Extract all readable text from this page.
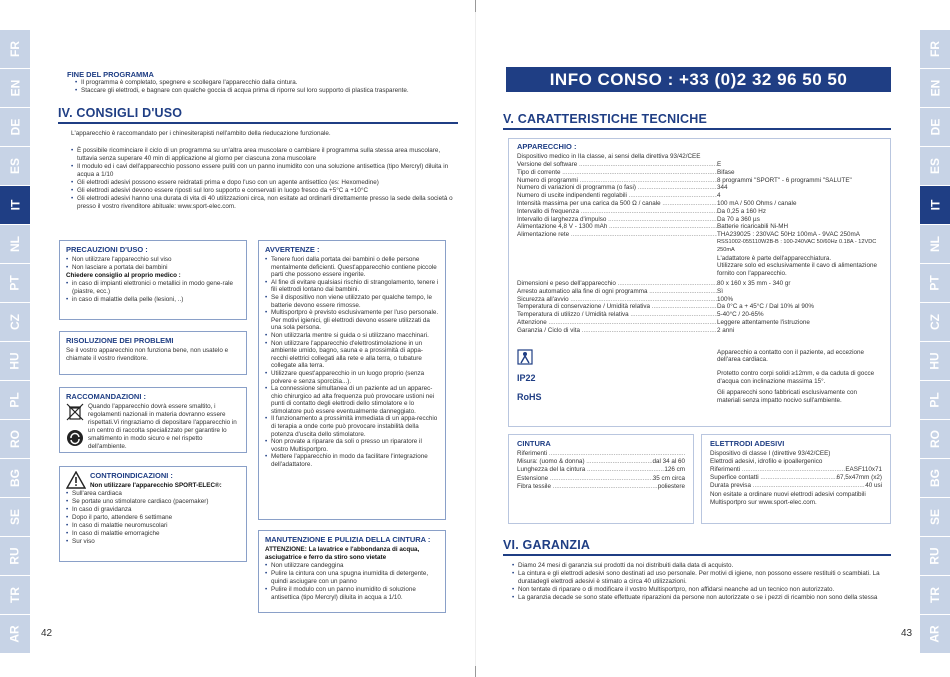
FR
EN
DE
ES
IT
NL
PT
CZ
HU
PL
RO
BG
SE
RU
TR
AR
FR
EN
DE
ES
IT
NL
PT
CZ
HU
PL
RO
BG
SE
RU
TR
AR
42	43
FINE DEL PROGRAMMA
• Il programma è completato, spegnere e scollegare l'apparecchio dalla cintura.
• Staccare gli elettrodi, e bagnare con qualche goccia di acqua prima di riporre sul loro supporto di plastica trasparente.
IV. CONSIGLI D'USO
L'apparecchio è raccomandato per i chinesiterapisti nell'ambito della rieducazione funzionale.
• È possibile ricominciare il ciclo di un programma su un'altra area muscolare o cambiare il programma sulla stessa area muscolare, tuttavia senza superare 40 min di applicazione al giorno per ciascuna zona muscolare
• Il modulo ed i cavi dell'apparecchio possono essere puliti con un panno inumidito con una soluzione antisettica (tipo Mercryl) diluita in acqua a 1/10
• Gli elettrodi adesivi possono essere reidratati prima e dopo l'uso con un agente antisettico (es: Hexomedine)
• Gli elettrodi adesivi devono essere riposti sul loro supporto e conservati in luogo fresco da +5°C a +10°C
• Gli elettrodi adesivi hanno una durata di vita di 40 utilizzazioni circa, non esitate ad ordinarli direttamente presso la sede della società o presso il vostro rivenditore abituale: www.sport-elec.com.
PRECAUZIONI D'USO :
• Non utilizzare l'apparecchio sul viso
• Non lasciare a portata dei bambini
Chiedere consiglio al proprio medico :
• in caso di impianti elettronici o metallici in modo gene-rale (piastre, ecc.)
• in caso di malattie della pelle (lesioni, ..)
RISOLUZIONE DEI PROBLEMI
Se il vostro apparecchio non funziona bene, non usatelo e chiamate il vostro rivenditore.
RACCOMANDAZIONI :

Quando l'apparecchio dovrà essere smaltito, i regolamenti nazionali in materia dovranno essere rispettati.Vi ringraziamo di depositare l'apparecchio in un centro di raccolta specializzato per garantire lo smaltimento in modo sicuro e nel rispetto dell'ambiente.
CONTROINDICAZIONI :
Non utilizzare l'apparecchio SPORT-ELEC®:
• Sull'area cardiaca
• Se portate uno stimolatore cardiaco (pacemaker)
• In caso di gravidanza
• Dopo il parto, attendere 6 settimane
• In caso di malattie neuromuscolari
• In caso di malattie emorragiche
• Sur viso
AVVERTENZE :
• Tenere fuori dalla portata dei bambini o delle persone mentalmente deficienti. Quest'apparecchio contiene piccole parti che possono essere ingerite.
• Al fine di evitare qualsiasi rischio di strangolamento, tenere i fili elettrodi lontano dai bambini.
• Se il dispositivo non viene utilizzato per qualche tempo, le batterie devono essere rimosse.
• Multisportpro è previsto esclusivamente per l'uso personale. Per motivi igienici, gli elettrodi devono essere utilizzati da una sola persona.
• Non utilizzarla mentre si guida o si utilizzano macchinari.
• Non utilizzare l'apparecchio d'elettrostimolazione in un ambiente umido, bagno, sauna e a prossimità di appa-recchi elettrici collegati alla rete e alla terra, o tubature collegate alla terra.
• Utilizzare quest'apparecchio in un luogo proprio (senza polvere e senza sporcizia...).
• La connessione simultanea di un paziente ad un apparec-chio chirurgico ad alta frequenza può provocare ustioni nei punti di contatto degli elettrodi dello stimolatore e lo stimolatore può essere eventualmente danneggiato.
• Il funzionamento a prossimità immediata di un appa-recchio di terapia a onde corte può provocare instabilità della potenza d'uscita dello stimolatore.
• Non provate a riparare da soli o presso un riparatore il vostro Multisportpro.
• Mettere l'apparecchio in modo da facilitare l'integrazione dell'adattatore.
MANUTENZIONE E PULIZIA DELLA CINTURA :
ATTENZIONE: La lavatrice e l'abbondanza di acqua, asciugatrice e ferro da stiro sono vietate
• Non utilizzare candeggina
• Pulire la cintura con una spugna inumidita di detergente, quindi asciugare con un panno
• Pulire il modulo con un panno inumidito di soluzione antisettica (tipo Mercryl) diluita in acqua a 1/10.
INFO CONSO : +33 (0)2 32 96 50 50
V. CARATTERISTICHE TECNICHE
APPARECCHIO :
Dispositivo medico in IIa classe, ai sensi della direttiva 93/42/CEE
Versione del software .....	E
Tipo di corrente .....	Bifase
Numero di programmi .....	8 programmi "SPORT" - 6 programmi "SALUTE"
Numero di variazioni di programma (o fasi) .....	344
Numero di uscite indipendenti regolabili .....	4
Intensità massima per una carica da 500 Ω / canale .....	100 mA / 500 Ohms / canale
Intervallo di frequenza .....	Da 0,25 a 160 Hz
Intervallo di larghezza d'impulso .....	Da 70 a 360 µs
Alimentazione 4,8 V - 1300 mAh .....	Batterie ricaricabili Ni-MH
Alimentazione rete .....	THA239025 : 230VAC 50Hz 100mA - 9VAC 250mA
RSS1002-055110W2B-B : 100-240VAC 50/60Hz 0.18A - 12VDC 250mA
L'adattatore è parte dell'apparecchiatura.
Utilizzare solo ed esclusivamente il cavo di alimentazione
fornito con l'apparecchio.
Dimensioni e peso dell'apparecchio .....	80 x 160 x 35 mm - 340 gr
Arresto automatico alla fine di ogni programma .....	Sì
Sicurezza all'avvio .....	100%
Temperatura di conservazione / Umidità relativa .....	Da 0°C a + 45°C / Dal 10% al 90%
Temperatura di utilizzo / Umidità relativa .....	5-40°C / 20-65%
Attenzione .....	Leggere attentamente l'istruzione
Garanzia / Ciclo di vita .....	2 anni
Apparecchio a contatto con il paziente, ad eccezione dell'area cardiaca.
IP22	Protetto contro corpi solidi ≥12mm, e da caduta di gocce d'acqua con inclinazione massima 15°.
RoHS	Gli apparecchi sono fabbricati esclusivamente con materiali senza impatto nocivo sull'ambiente.
CINTURA
Riferimenti .....
Misura: (uomo & donna) .....	dal 34 al 60
Lunghezza del la cintura .....	126 cm
Estensione .....	35 cm circa
Fibra tessile .....	poliestere
ELETTRODI ADESIVI
Dispositivo di classe I (direttive 93/42/CEE)
Elettrodi adesivi, idrofilo e ipoallergenico
Riferimenti .....	EASF110x71
Superfice contatti .....	67,5x47mm (x2)
Durata previsa .....	40 usi
Non esitate a ordinare nuovi elettrodi adesivi compatibili Multisportpro sur www.sport-elec.com.
VI. GARANZIA
• Diamo 24 mesi di garanzia sui prodotti da noi distribuiti dalla data di acquisto.
• La cintura e gli elettrodi adesivi sono destinati ad uso personale. Per motivi di igiene, non possono essere restituiti o scambiati. La duratadegli elettrodi adesivi è stimato a circa 40 utilizzazioni.
• Non tentate di riparare o di modificare il vostro Multisportpro, non affidarsi neanche ad un tecnico non autorizzato.
• La garanzia decade se sono state effettuate riparazioni da persone non autorizzate o se i pezzi di ricambio non sono della stessa
